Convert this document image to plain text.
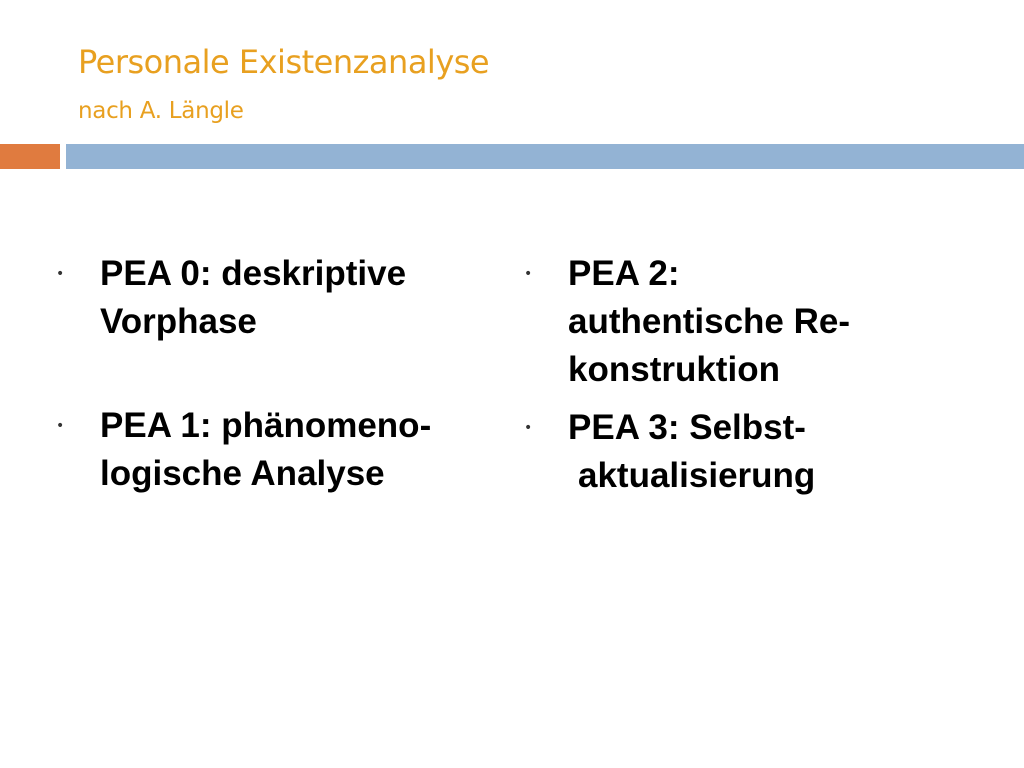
Personale Existenzanalyse
nach A. Längle
• PEA 0: deskriptive
Vorphase
• PEA 1: phänomeno-
logische Analyse
• PEA 2:
authentische Re-
konstruktion
• PEA 3: Selbst-
aktualisierung
